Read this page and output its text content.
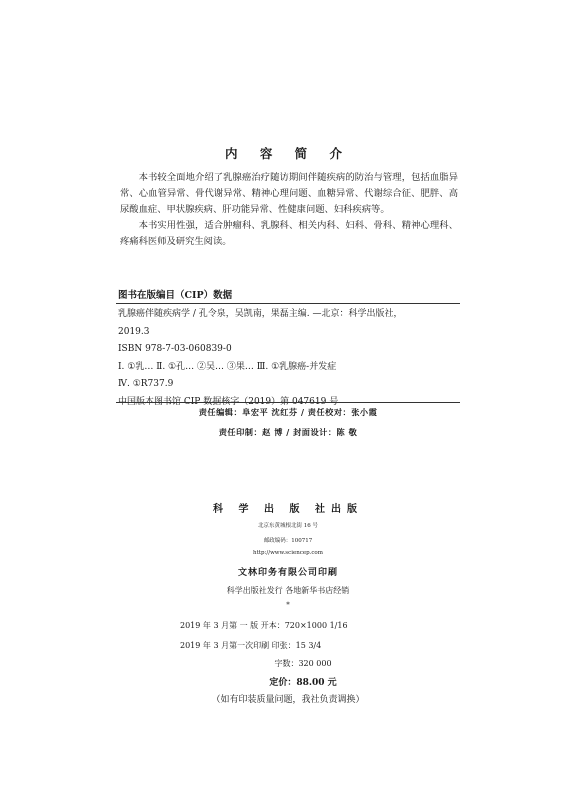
内 容 简 介

本书较全面地介绍了乳腺癌治疗随访期间伴随疾病的防治与管理，包括血脂异常、心血管异常、骨代谢异常、精神心理问题、血糖异常、代谢综合征、肥胖、高尿酸血症、甲状腺疾病、肝功能异常、性健康问题、妇科疾病等。

本书实用性强，适合肿瘤科、乳腺科、相关内科、妇科、骨科、精神心理科、疼痛科医师及研究生阅读。

图书在版编目（CIP）数据
乳腺癌伴随疾病学 / 孔令泉，吴凯南，果磊主编. —北京：科学出版社，
2019.3
ISBN 978-7-03-060839-0
Ⅰ. ①乳… Ⅱ. ①孔… ②吴… ③果… Ⅲ. ①乳腺癌-并发症
Ⅳ. ①R737.9
中国版本图书馆 CIP 数据核字（2019）第 047619 号
责任编辑：阜宏平 沈红芬 / 责任校对：张小霞
责任印制：赵 博 / 封面设计：陈 敬
科 学 出 版 社出版
北京东黄城根北街 16 号
邮政编码：100717
http://www.sciencep.com
文林印务有限公司印刷
科学出版社发行 各地新华书店经销
*
2019 年 3 月第 一 版 开本：720×1000 1/16
2019 年 3 月第一次印刷 印张：15 3/4
字数：320 000
定价：88.00 元
（如有印装质量问题，我社负责调换）
